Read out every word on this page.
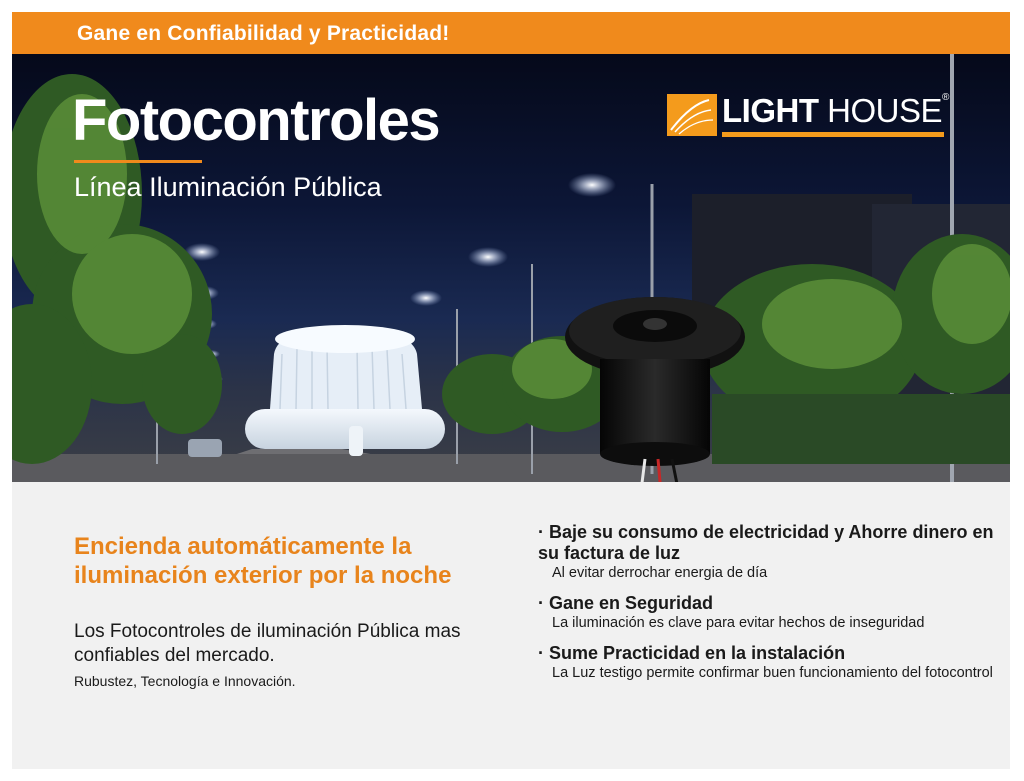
Gane en Confiabilidad y Practicidad!
Fotocontroles
Línea Iluminación Pública
LIGHT HOUSE®
Encienda automáticamente la iluminación exterior por la noche
Los Fotocontroles de iluminación Pública mas confiables del mercado.
Rubustez, Tecnología e Innovación.
· Baje su consumo de electricidad y Ahorre dinero en su factura de luz
Al evitar derrochar energia de día
· Gane en Seguridad
La iluminación es clave para evitar hechos de inseguridad
· Sume Practicidad en la instalación
La Luz testigo permite confirmar buen funcionamiento del fotocontrol
